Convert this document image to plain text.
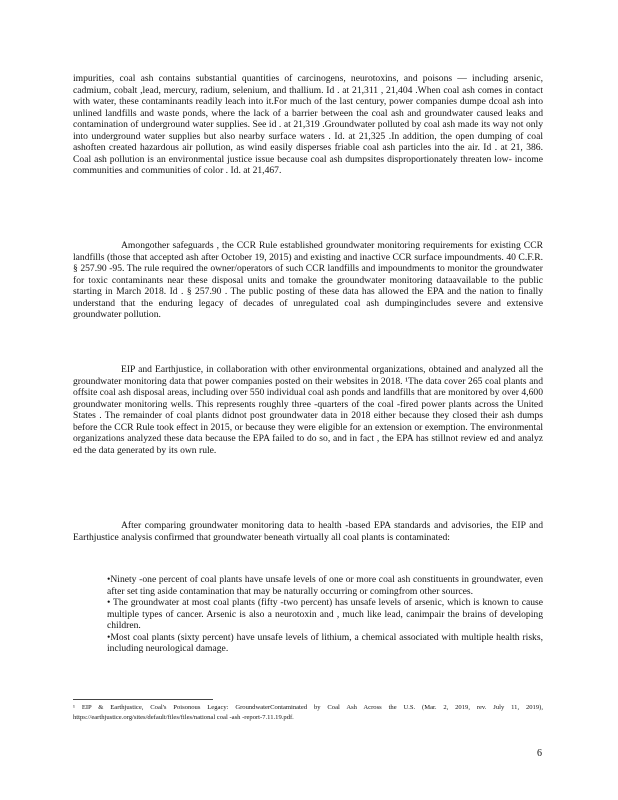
impurities, coal ash contains substantial quantities of carcinogens, neurotoxins, and poisons — including arsenic, cadmium, cobalt ,lead, mercury, radium, selenium, and thallium. Id . at 21,311 , 21,404 .When coal ash comes in contact with water, these contaminants readily leach into it.For much of the last century, power companies dumpe dcoal ash into unlined landfills and waste ponds, where the lack of a barrier between the coal ash and groundwater caused leaks and contamination of underground water supplies. See id . at 21,319 .Groundwater polluted by coal ash made its way not only into underground water supplies but also nearby surface waters . Id. at 21,325 .In addition, the open dumping of coal ashoften created hazardous air pollution, as wind easily disperses friable coal ash particles into the air. Id . at 21, 386. Coal ash pollution is an environmental justice issue because coal ash dumpsites disproportionately threaten low- income communities and communities of color . Id. at 21,467.

Amongother safeguards , the CCR Rule established groundwater monitoring requirements for existing CCR landfills (those that accepted ash after October 19, 2015) and existing and inactive CCR surface impoundments. 40 C.F.R. § 257.90 -95. The rule required the owner/operators of such CCR landfills and impoundments to monitor the groundwater for toxic contaminants near these disposal units and tomake the groundwater monitoring dataavailable to the public starting in March 2018. Id . § 257.90 . The public posting of these data has allowed the EPA and the nation to finally understand that the enduring legacy of decades of unregulated coal ash dumpingincludes severe and extensive groundwater pollution.

EIP and Earthjustice, in collaboration with other environmental organizations, obtained and analyzed all the groundwater monitoring data that power companies posted on their websites in 2018. ¹The data cover 265 coal plants and offsite coal ash disposal areas, including over 550 individual coal ash ponds and landfills that are monitored by over 4,600 groundwater monitoring wells. This represents roughly three -quarters of the coal -fired power plants across the United States . The remainder of coal plants didnot post groundwater data in 2018 either because they closed their ash dumps before the CCR Rule took effect in 2015, or because they were eligible for an extension or exemption. The environmental organizations analyzed these data because the EPA failed to do so, and in fact , the EPA has stillnot review ed and analyz ed the data generated by its own rule.

After comparing groundwater monitoring data to health -based EPA standards and advisories, the EIP and Earthjustice analysis confirmed that groundwater beneath virtually all coal plants is contaminated:

•Ninety -one percent of coal plants have unsafe levels of one or more coal ash constituents in groundwater, even after set ting aside contamination that may be naturally occurring or comingfrom other sources.
• The groundwater at most coal plants (fifty -two percent) has unsafe levels of arsenic, which is known to cause multiple types of cancer. Arsenic is also a neurotoxin and , much like lead, canimpair the brains of developing children.
•Most coal plants (sixty percent) have unsafe levels of lithium, a chemical associated with multiple health risks, including neurological damage.

¹ EIP & Earthjustice, Coal's Poisonous Legacy: GroundwaterContaminated by Coal Ash Across the U.S. (Mar. 2, 2019, rev. July 11, 2019), https://earthjustice.org/sites/default/files/files/national coal -ash -report-7.11.19.pdf.

6
